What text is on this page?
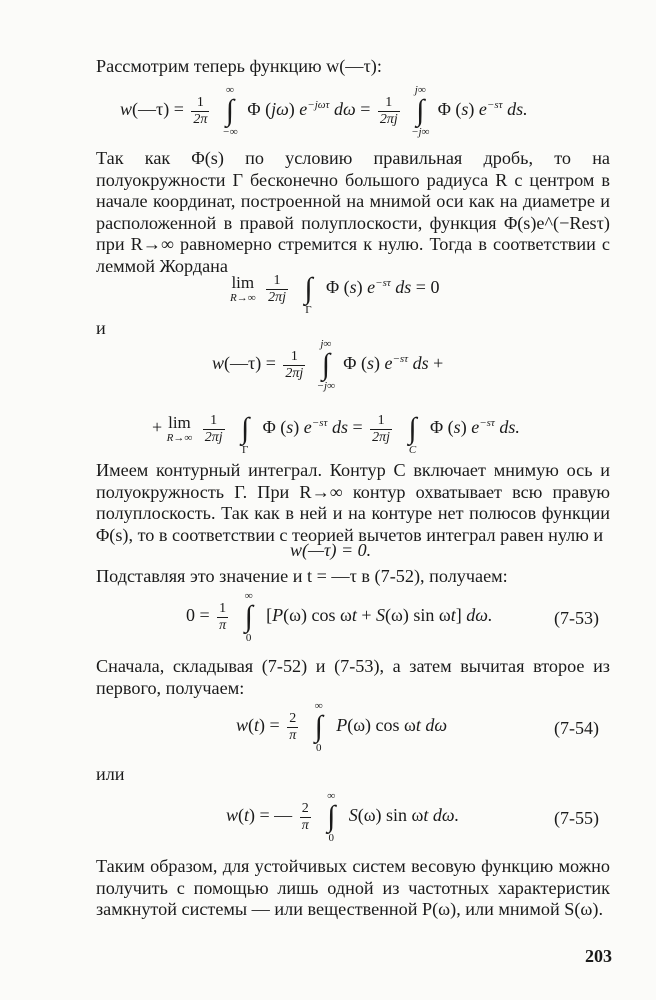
Рассмотрим теперь функцию w(—τ):
w(—τ) = $\frac{1}{2\pi}$

∞
∫
−∞
Φ (jω) $e^{-j\omega\tau}$ $d\omega = \frac{1}{2\pi j}$

j∞
∫
−j∞
Φ (s) $e^{-s\tau}$ ds.
Так как Φ(s) по условию правильная дробь, то на полуокружности Γ бесконечно большого радиуса R с центром в начале координат, построенной на мнимой оси как на диаметре и расположенной в правой полуплоскости, функция Φ(s)e^(−Resτ) при R→∞ равномерно стремится к нулю. Тогда в соответствии с леммой Жордана
lim
R→∞
$\frac{1}{2\pi j}$

∫
Γ
Φ (s) $e^{-s\tau}$ ds = 0
и
w(—τ) = $\frac{1}{2\pi j}$

j∞
∫
−j∞
Φ (s) $e^{-s\tau}$ ds +
+ lim
R→∞
$\frac{1}{2\pi j}$

∫
Γ
Φ (s) $e^{-s\tau}$ ds = $\frac{1}{2\pi j}$

∫
C
Φ (s) $e^{-s\tau}$ ds.
Имеем контурный интеграл. Контур C включает мнимую ось и полуокружность Γ. При R→∞ контур охватывает всю правую полуплоскость. Так как в ней и на контуре нет полюсов функции Φ(s), то в соответствии с теорией вычетов интеграл равен нулю и
w(—τ) = 0.
Подставляя это значение и t = —τ в (7-52), получаем:
$0 = \frac{1}{\pi}$

∞
∫
0
[P(ω) cos ωt + S(ω) sin ωt] dω.	(7-53)
Сначала, складывая (7-52) и (7-53), а затем вычитая второе из первого, получаем:
$w(t) = \frac{2}{\pi}$

∞
∫
0
P(ω) cos ωt dω	(7-54)
или
w(t) = — $\frac{2}{\pi}$

∞
∫
0
S(ω) sin ωt dω.	(7-55)
Таким образом, для устойчивых систем весовую функцию можно получить с помощью лишь одной из частотных характеристик замкнутой системы — или вещественной P(ω), или мнимой S(ω).
203
